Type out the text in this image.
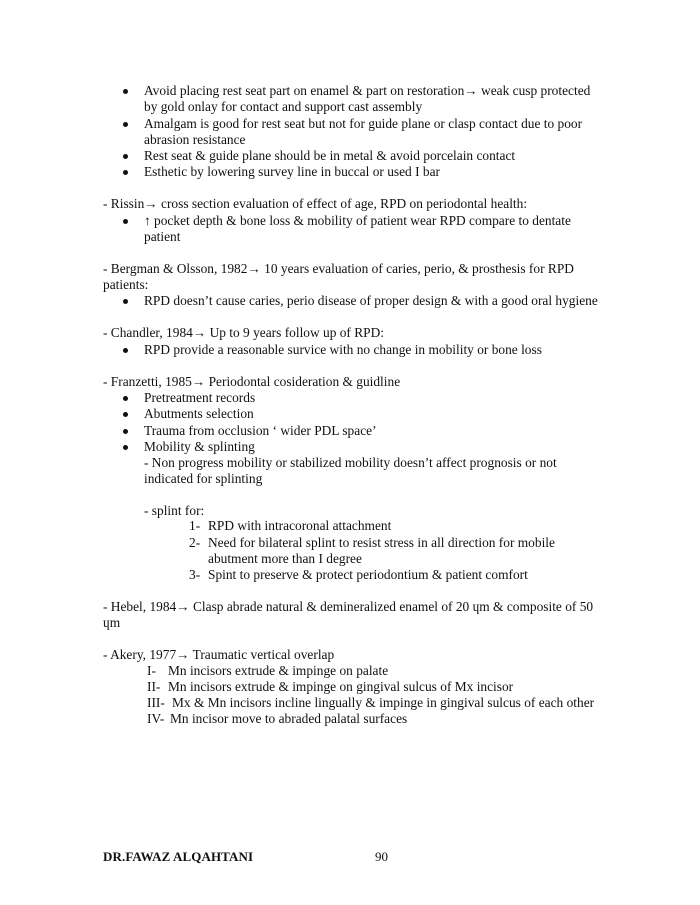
Avoid placing rest seat part on enamel & part on restoration→ weak cusp protected
by gold onlay for contact and support cast assembly
Amalgam is good for rest seat but not for guide plane or clasp contact due to poor
abrasion resistance
Rest seat & guide plane should be in metal & avoid porcelain contact
Esthetic by lowering survey line in buccal or used I bar
- Rissin→ cross section evaluation of effect of age, RPD on periodontal health:
↑ pocket depth & bone loss & mobility of patient wear RPD compare to dentate
patient
- Bergman & Olsson, 1982→ 10 years evaluation of caries, perio, & prosthesis for RPD
patients:
RPD doesn’t cause caries, perio disease of proper design & with a good oral hygiene
- Chandler, 1984→ Up to 9 years follow up of RPD:
RPD provide a reasonable survice with no change in mobility or bone loss
- Franzetti, 1985→ Periodontal cosideration & guidline
Pretreatment records
Abutments selection
Trauma from occlusion ‘ wider PDL space’
Mobility & splinting
- Non progress mobility or stabilized mobility doesn’t affect prognosis or not
indicated for splinting
- splint for:
1- RPD with intracoronal attachment
2- Need for bilateral splint to resist stress in all direction for mobile
abutment more than I degree
3- Spint to preserve & protect periodontium & patient comfort
- Hebel, 1984→ Clasp abrade natural & demineralized enamel of 20 ɥm & composite of 50
ɥm
- Akery, 1977→ Traumatic vertical overlap
I- Mn incisors extrude & impinge on palate
II- Mn incisors extrude & impinge on gingival sulcus of Mx incisor
III- Mx & Mn incisors incline lingually & impinge in gingival sulcus of each other
IV- Mn incisor move to abraded palatal surfaces
DR.FAWAZ ALQAHTANI	90
